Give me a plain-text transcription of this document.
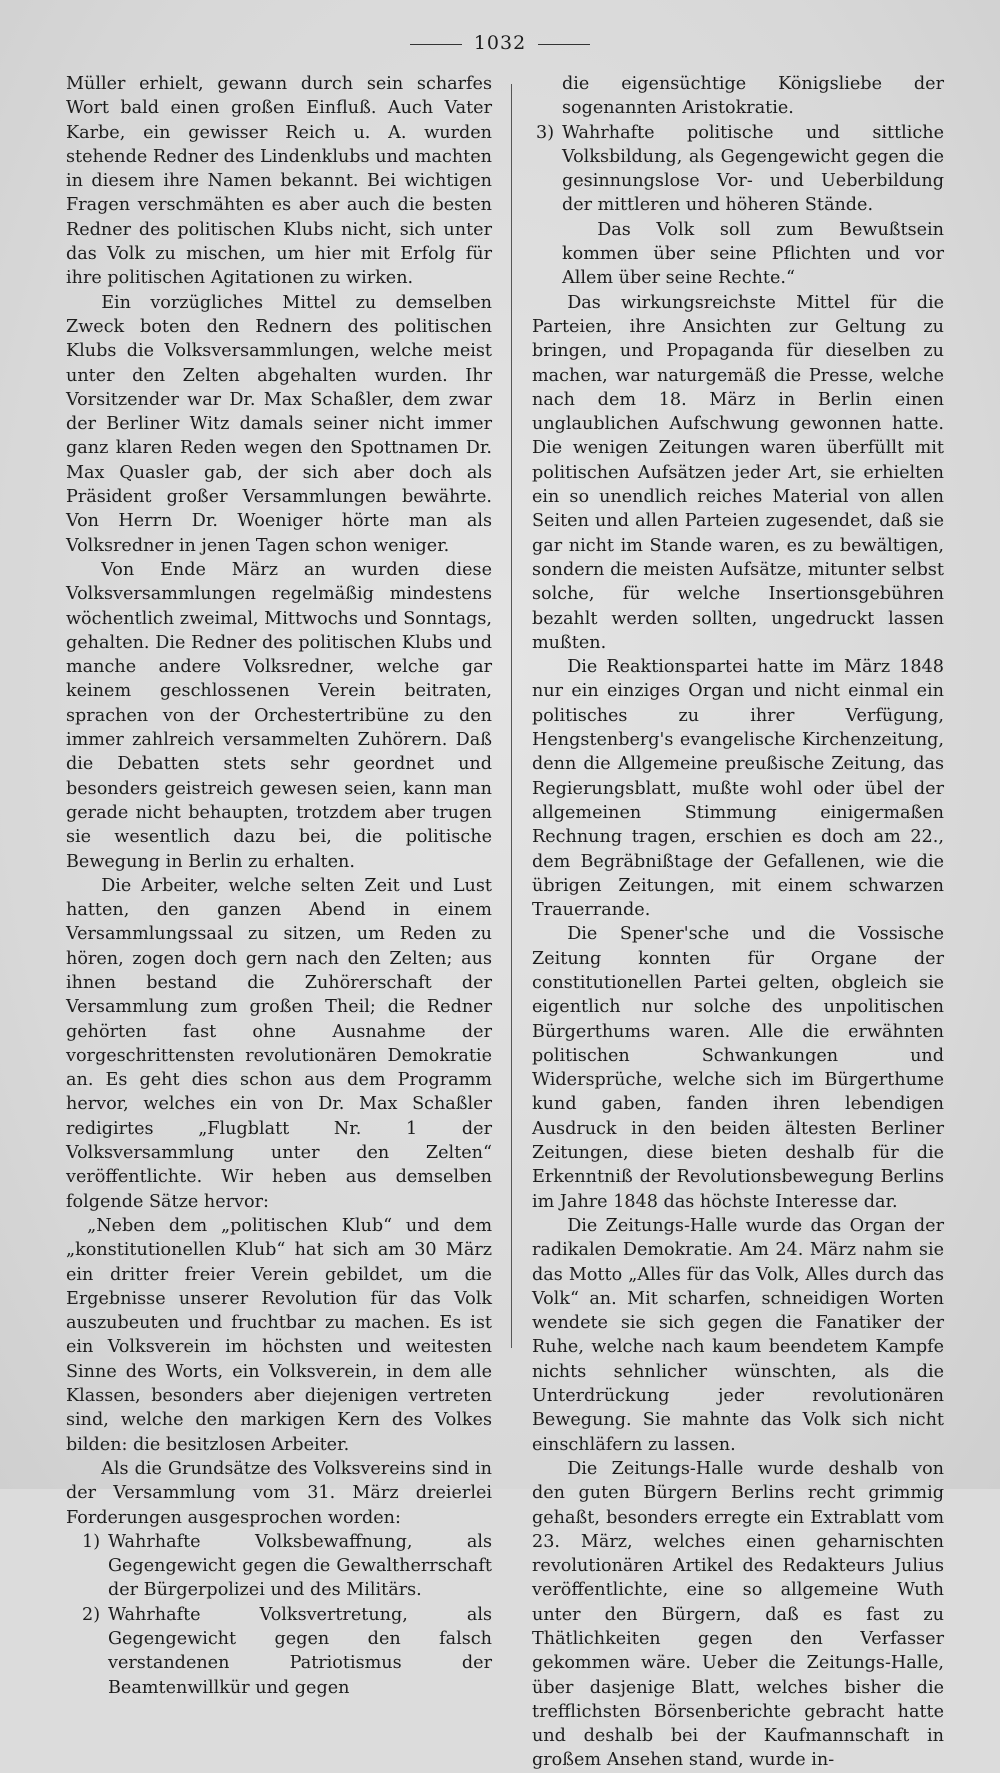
1032

Müller erhielt, gewann durch sein scharfes Wort bald einen großen Einfluß. Auch Vater Karbe, ein gewisser Reich u. A. wurden stehende Redner des Lindenklubs und machten in diesem ihre Namen bekannt. Bei wichtigen Fragen verschmähten es aber auch die besten Redner des politischen Klubs nicht, sich unter das Volk zu mischen, um hier mit Erfolg für ihre politischen Agitationen zu wirken.

Ein vorzügliches Mittel zu demselben Zweck boten den Rednern des politischen Klubs die Volksversammlungen, welche meist unter den Zelten abgehalten wurden. Ihr Vorsitzender war Dr. Max Schaßler, dem zwar der Berliner Witz damals seiner nicht immer ganz klaren Reden wegen den Spottnamen Dr. Max Quasler gab, der sich aber doch als Präsident großer Versammlungen bewährte. Von Herrn Dr. Woeniger hörte man als Volksredner in jenen Tagen schon weniger.

Von Ende März an wurden diese Volksversammlungen regelmäßig mindestens wöchentlich zweimal, Mittwochs und Sonntags, gehalten. Die Redner des politischen Klubs und manche andere Volksredner, welche gar keinem geschlossenen Verein beitraten, sprachen von der Orchestertribüne zu den immer zahlreich versammelten Zuhörern. Daß die Debatten stets sehr geordnet und besonders geistreich gewesen seien, kann man gerade nicht behaupten, trotzdem aber trugen sie wesentlich dazu bei, die politische Bewegung in Berlin zu erhalten.

Die Arbeiter, welche selten Zeit und Lust hatten, den ganzen Abend in einem Versammlungssaal zu sitzen, um Reden zu hören, zogen doch gern nach den Zelten; aus ihnen bestand die Zuhörerschaft der Versammlung zum großen Theil; die Redner gehörten fast ohne Ausnahme der vorgeschrittensten revolutionären Demokratie an. Es geht dies schon aus dem Programm hervor, welches ein von Dr. Max Schaßler redigirtes „Flugblatt Nr. 1 der Volksversammlung unter den Zelten“ veröffentlichte. Wir heben aus demselben folgende Sätze hervor:

„Neben dem „politischen Klub“ und dem „konstitutionellen Klub“ hat sich am 30 März ein dritter freier Verein gebildet, um die Ergebnisse unserer Revolution für das Volk auszubeuten und fruchtbar zu machen. Es ist ein Volksverein im höchsten und weitesten Sinne des Worts, ein Volksverein, in dem alle Klassen, besonders aber diejenigen vertreten sind, welche den markigen Kern des Volkes bilden: die besitzlosen Arbeiter.

Als die Grundsätze des Volksvereins sind in der Versammlung vom 31. März dreierlei Forderungen ausgesprochen worden:

1) Wahrhafte Volksbewaffnung, als Gegengewicht gegen die Gewaltherrschaft der Bürgerpolizei und des Militärs.
2) Wahrhafte Volksvertretung, als Gegengewicht gegen den falsch verstandenen Patriotismus der Beamtenwillkür und gegen

die eigensüchtige Königsliebe der sogenannten Aristokratie.

3) Wahrhafte politische und sittliche Volksbildung, als Gegengewicht gegen die gesinnungslose Vor- und Ueberbildung der mittleren und höheren Stände.

Das Volk soll zum Bewußtsein kommen über seine Pflichten und vor Allem über seine Rechte.“

Das wirkungsreichste Mittel für die Parteien, ihre Ansichten zur Geltung zu bringen, und Propaganda für dieselben zu machen, war naturgemäß die Presse, welche nach dem 18. März in Berlin einen unglaublichen Aufschwung gewonnen hatte. Die wenigen Zeitungen waren überfüllt mit politischen Aufsätzen jeder Art, sie erhielten ein so unendlich reiches Material von allen Seiten und allen Parteien zugesendet, daß sie gar nicht im Stande waren, es zu bewältigen, sondern die meisten Aufsätze, mitunter selbst solche, für welche Insertionsgebühren bezahlt werden sollten, ungedruckt lassen mußten.

Die Reaktionspartei hatte im März 1848 nur ein einziges Organ und nicht einmal ein politisches zu ihrer Verfügung, Hengstenberg's evangelische Kirchenzeitung, denn die Allgemeine preußische Zeitung, das Regierungsblatt, mußte wohl oder übel der allgemeinen Stimmung einigermaßen Rechnung tragen, erschien es doch am 22., dem Begräbnißtage der Gefallenen, wie die übrigen Zeitungen, mit einem schwarzen Trauerrande.

Die Spener'sche und die Vossische Zeitung konnten für Organe der constitutionellen Partei gelten, obgleich sie eigentlich nur solche des unpolitischen Bürgerthums waren. Alle die erwähnten politischen Schwankungen und Widersprüche, welche sich im Bürgerthume kund gaben, fanden ihren lebendigen Ausdruck in den beiden ältesten Berliner Zeitungen, diese bieten deshalb für die Erkenntniß der Revolutionsbewegung Berlins im Jahre 1848 das höchste Interesse dar.

Die Zeitungs-Halle wurde das Organ der radikalen Demokratie. Am 24. März nahm sie das Motto „Alles für das Volk, Alles durch das Volk“ an. Mit scharfen, schneidigen Worten wendete sie sich gegen die Fanatiker der Ruhe, welche nach kaum beendetem Kampfe nichts sehnlicher wünschten, als die Unterdrückung jeder revolutionären Bewegung. Sie mahnte das Volk sich nicht einschläfern zu lassen.

Die Zeitungs-Halle wurde deshalb von den guten Bürgern Berlins recht grimmig gehaßt, besonders erregte ein Extrablatt vom 23. März, welches einen geharnischten revolutionären Artikel des Redakteurs Julius veröffentlichte, eine so allgemeine Wuth unter den Bürgern, daß es fast zu Thätlichkeiten gegen den Verfasser gekommen wäre. Ueber die Zeitungs-Halle, über dasjenige Blatt, welches bisher die trefflichsten Börsenberichte gebracht hatte und deshalb bei der Kaufmannschaft in großem Ansehen stand, wurde in-
